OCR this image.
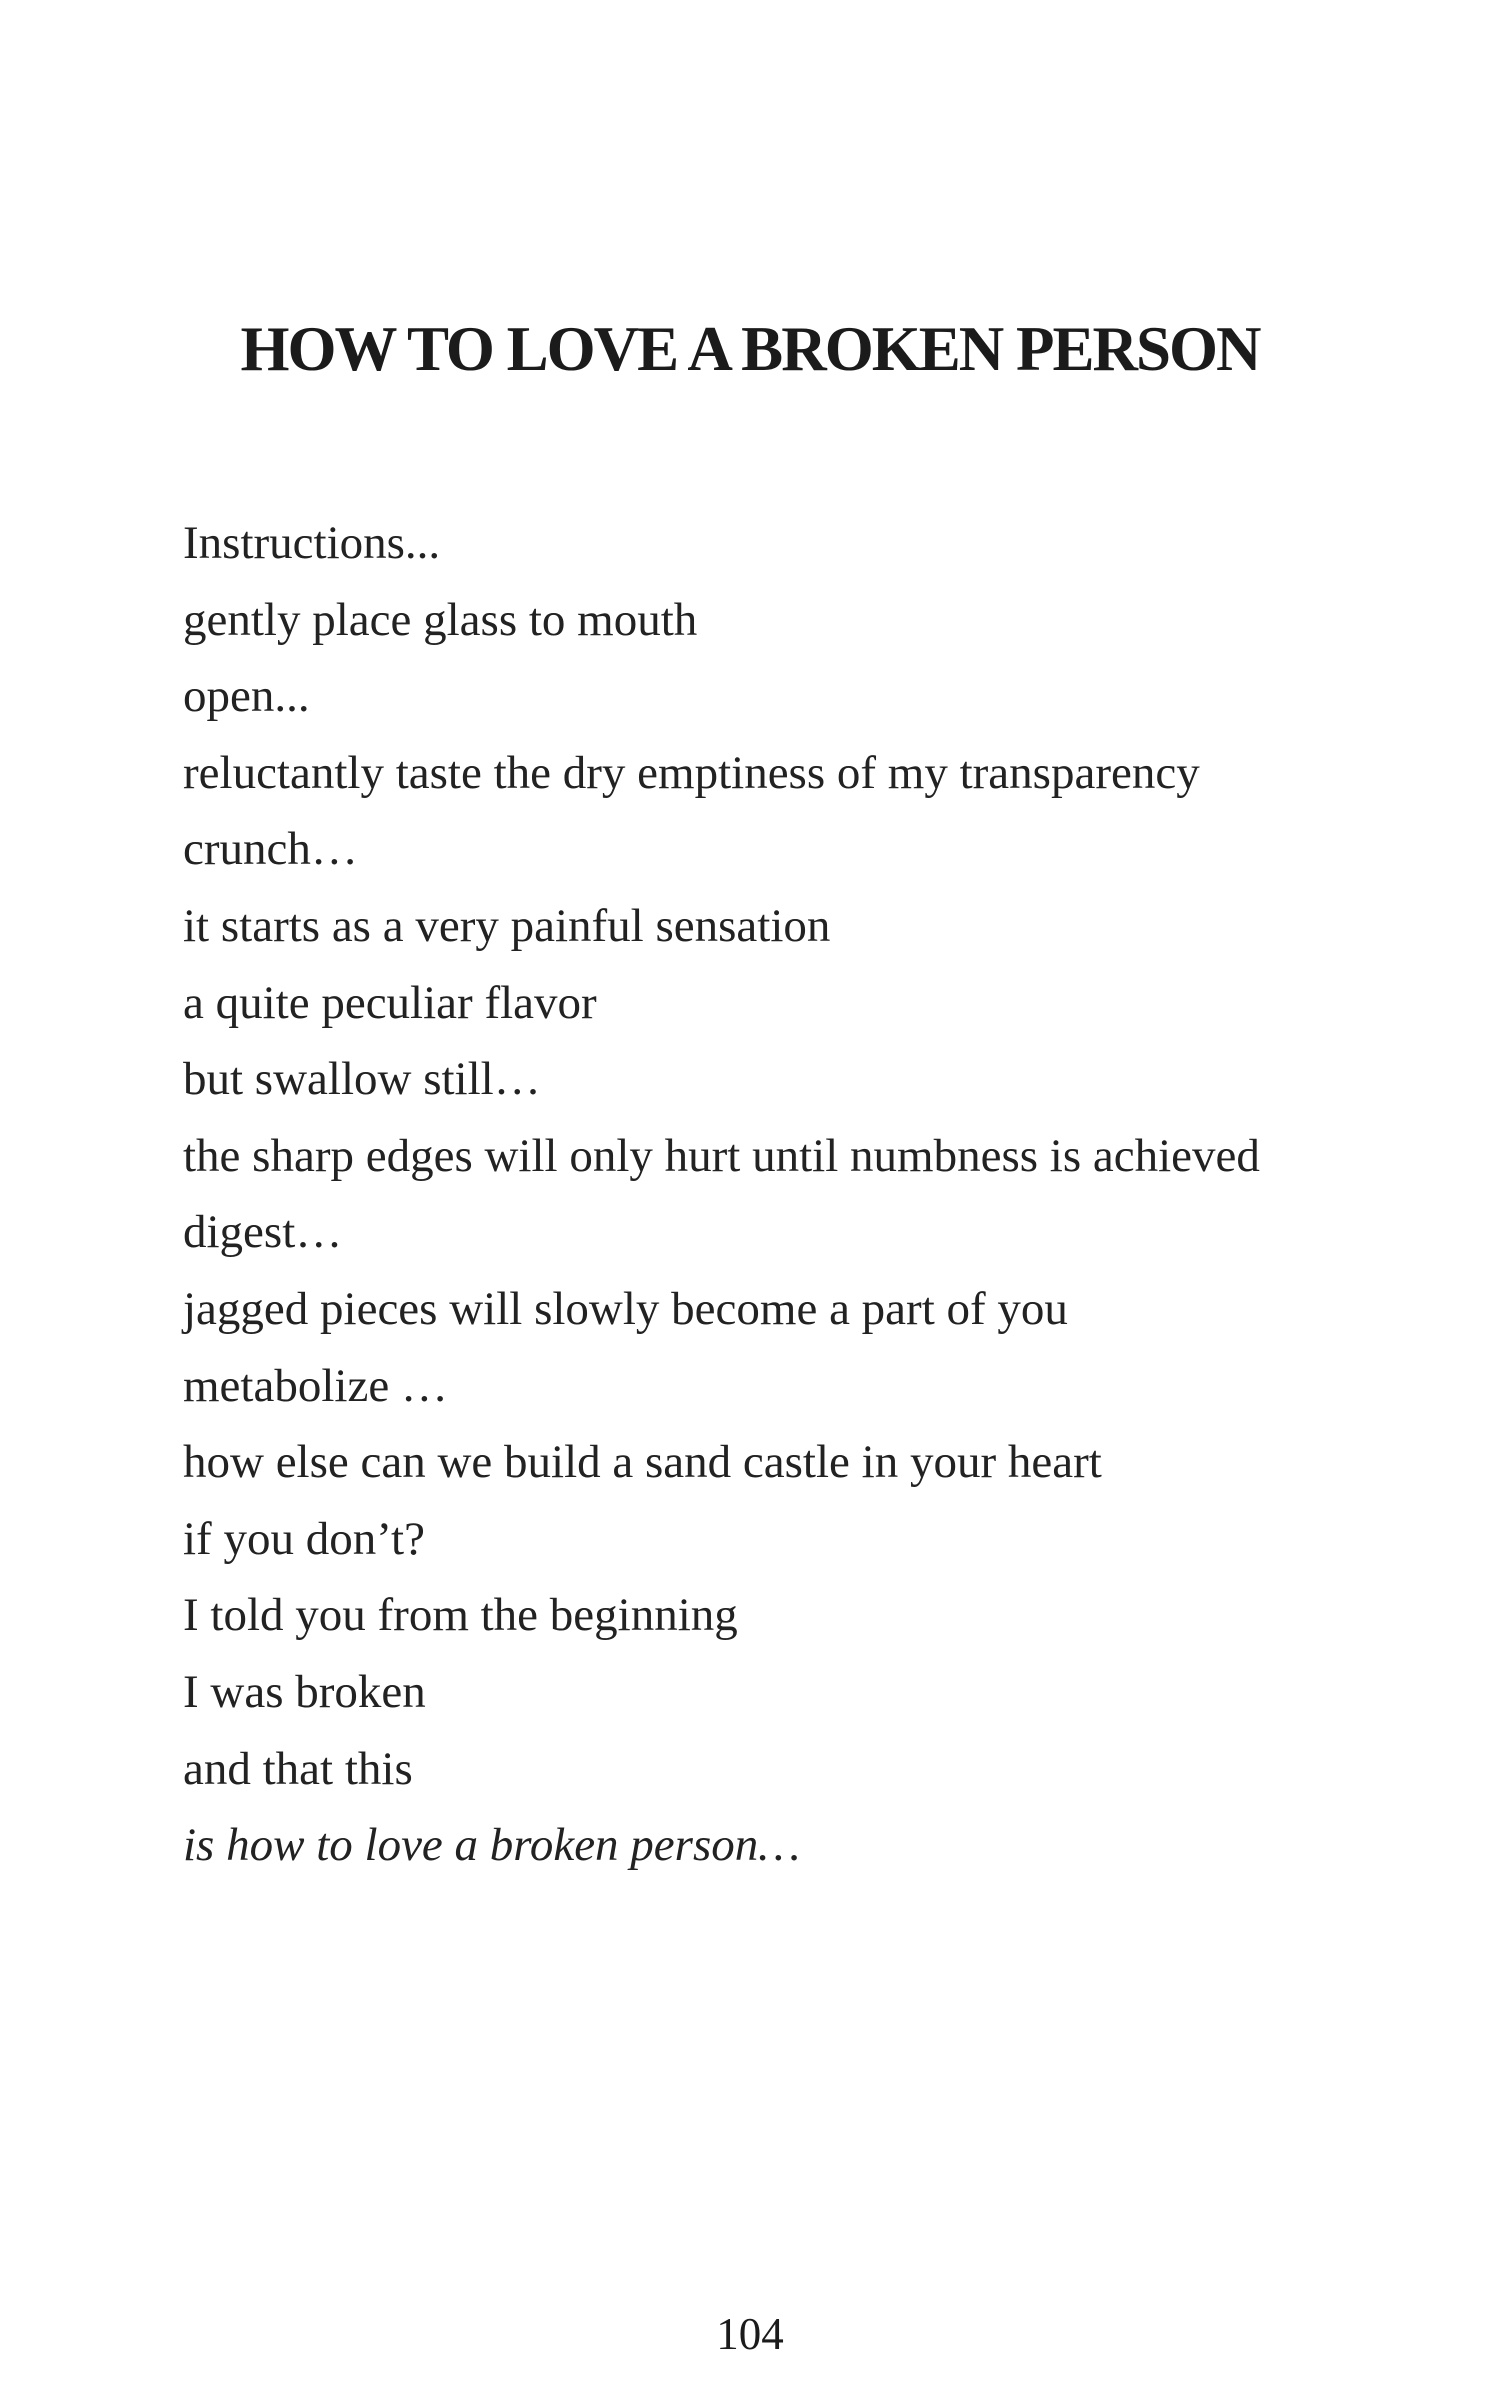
HOW TO LOVE A BROKEN PERSON
Instructions...
gently place glass to mouth
open...
reluctantly taste the dry emptiness of my transparency
crunch…
it starts as a very painful sensation
a quite peculiar flavor
but swallow still…
the sharp edges will only hurt until numbness is achieved
digest…
jagged pieces will slowly become a part of you
metabolize …
how else can we build a sand castle in your heart
if you don’t?
I told you from the beginning
I was broken
and that this
is how to love a broken person…
104
